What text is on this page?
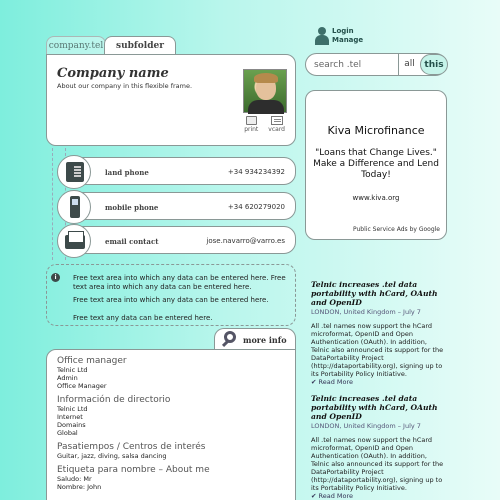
Login
Manage
company.tel	subfolder
Company name
About our company in this flexible frame.
print vcard
land phone	+34 934234392
mobile phone	+34 620279020
email contact	jose.navarro@varro.es
i	Free text area into which any data can be entered here. Free text area into which any data can be entered here.

Free text area into which any data can be entered here.

Free text any data can be entered here.

more info
Office manager
Telnic Ltd
Admin
Office Manager
Información de directorio
Telnic Ltd
Internet
Domains
Global
Pasatiempos / Centros de interés
Guitar, jazz, diving, salsa dancing
Etiqueta para nombre – About me
Saludo: Mr
Nombre: John
search .tel
all	this
Kiva Microfinance
"Loans that Change Lives." Make a Difference and Lend Today!
www.kiva.org
Public Service Ads by Google
Telnic increases .tel data portability with hCard, OAuth and OpenID
LONDON, United Kingdom – July 7
All .tel names now support the hCard microformat, OpenID and Open Authentication (OAuth). In addition, Telnic also announced its support for the DataPortability Project (http://dataportability.org), signing up to its Portability Policy Initiative.
✔ Read More
Telnic increases .tel data portability with hCard, OAuth and OpenID
LONDON, United Kingdom – July 7
All .tel names now support the hCard microformat, OpenID and Open Authentication (OAuth). In addition, Telnic also announced its support for the DataPortability Project (http://dataportability.org), signing up to its Portability Policy Initiative.
✔ Read More
